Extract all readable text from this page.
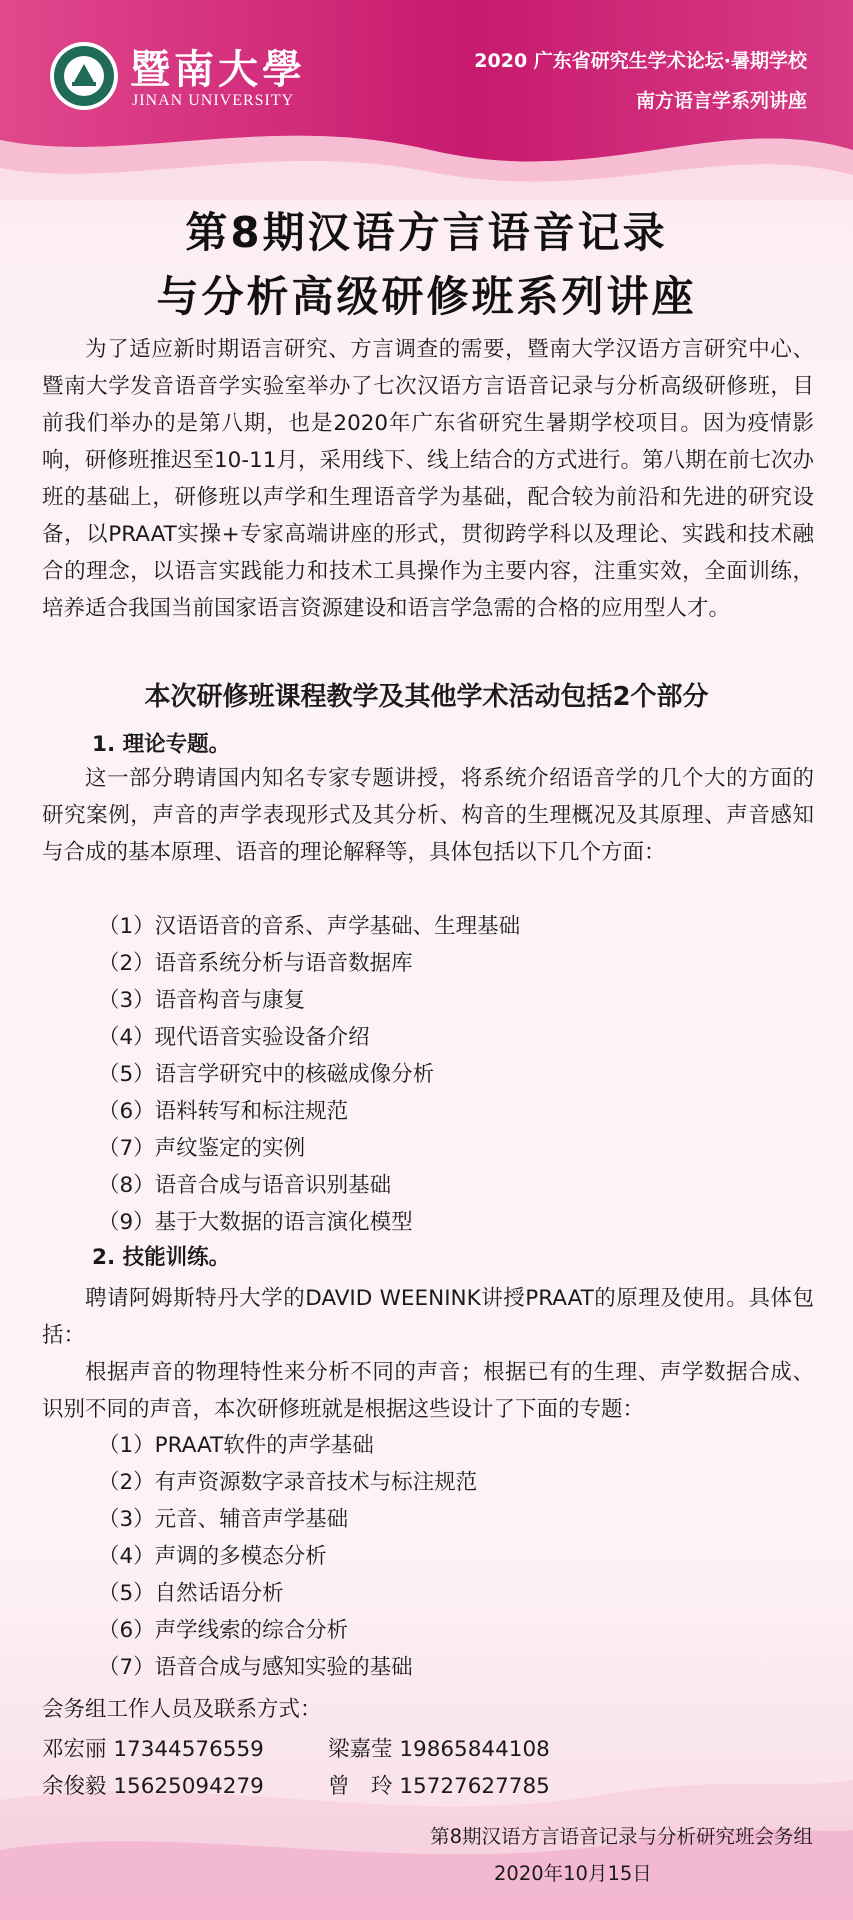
暨南大學
JINAN UNIVERSITY
2020 广东省研究生学术论坛·暑期学校
南方语言学系列讲座
第8期汉语方言语音记录
与分析高级研修班系列讲座
为了适应新时期语言研究、方言调查的需要，暨南大学汉语方言研究中心、暨南大学发音语音学实验室举办了七次汉语方言语音记录与分析高级研修班，目前我们举办的是第八期，也是2020年广东省研究生暑期学校项目。因为疫情影响，研修班推迟至10-11月，采用线下、线上结合的方式进行。第八期在前七次办班的基础上，研修班以声学和生理语音学为基础，配合较为前沿和先进的研究设备，以PRAAT实操+专家高端讲座的形式，贯彻跨学科以及理论、实践和技术融合的理念，以语言实践能力和技术工具操作为主要内容，注重实效，全面训练，培养适合我国当前国家语言资源建设和语言学急需的合格的应用型人才。
本次研修班课程教学及其他学术活动包括2个部分
1. 理论专题。
这一部分聘请国内知名专家专题讲授，将系统介绍语音学的几个大的方面的研究案例，声音的声学表现形式及其分析、构音的生理概况及其原理、声音感知与合成的基本原理、语音的理论解释等，具体包括以下几个方面：
（1）汉语语音的音系、声学基础、生理基础
（2）语音系统分析与语音数据库
（3）语音构音与康复
（4）现代语音实验设备介绍
（5）语言学研究中的核磁成像分析
（6）语料转写和标注规范
（7）声纹鉴定的实例
（8）语音合成与语音识别基础
（9）基于大数据的语言演化模型
2. 技能训练。
聘请阿姆斯特丹大学的DAVID WEENINK讲授PRAAT的原理及使用。具体包括：
根据声音的物理特性来分析不同的声音；根据已有的生理、声学数据合成、识别不同的声音，本次研修班就是根据这些设计了下面的专题：
（1）PRAAT软件的声学基础
（2）有声资源数字录音技术与标注规范
（3）元音、辅音声学基础
（4）声调的多模态分析
（5）自然话语分析
（6）声学线索的综合分析
（7）语音合成与感知实验的基础
会务组工作人员及联系方式：
邓宏丽 17344576559	梁嘉莹 19865844108
余俊毅 15625094279	曾　玲 15727627785
第8期汉语方言语音记录与分析研究班会务组
2020年10月15日
